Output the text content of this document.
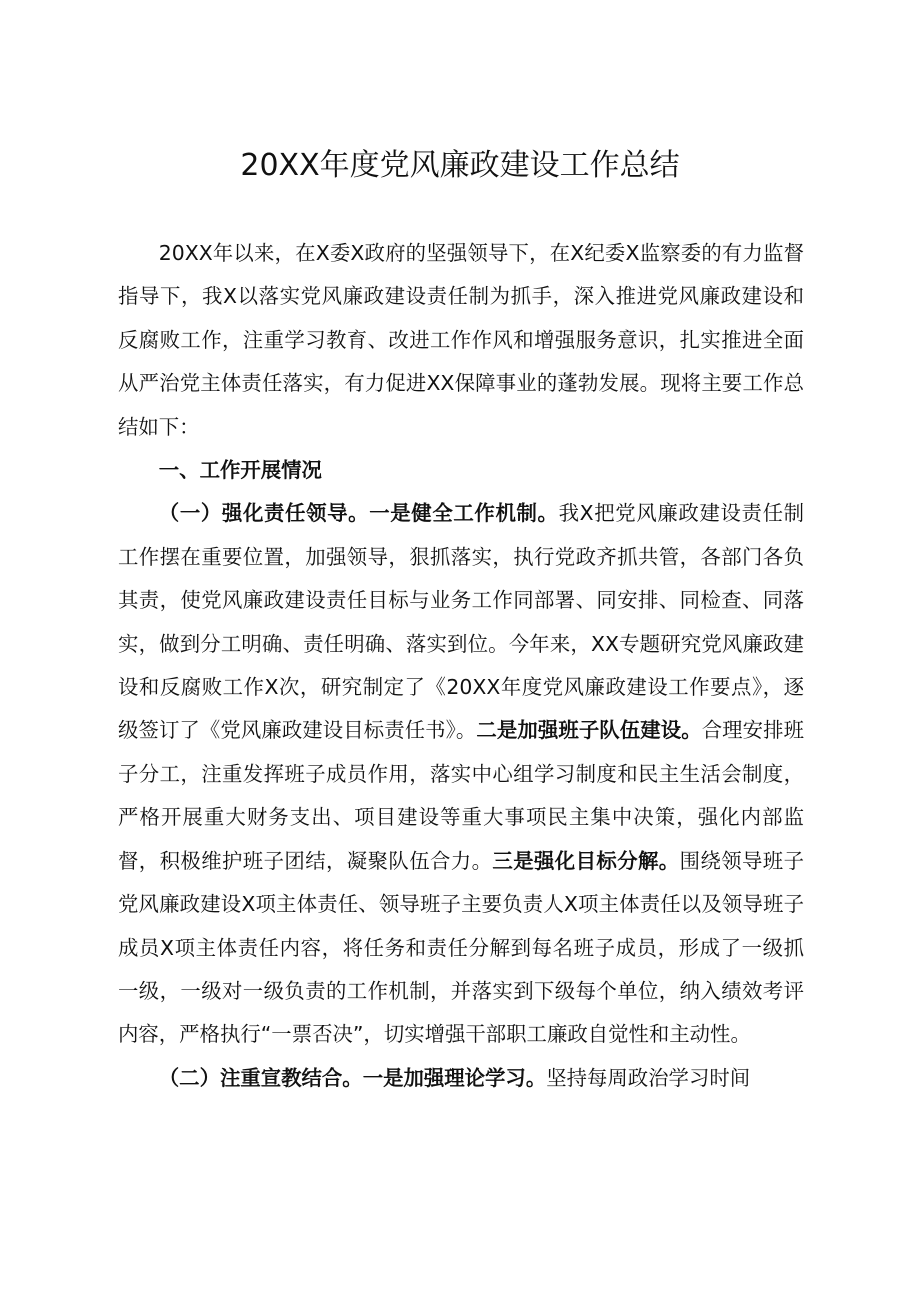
20XX年度党风廉政建设工作总结

20XX年以来，在X委X政府的坚强领导下，在X纪委X监察委的有力监督指导下，我X以落实党风廉政建设责任制为抓手，深入推进党风廉政建设和反腐败工作，注重学习教育、改进工作作风和增强服务意识，扎实推进全面从严治党主体责任落实，有力促进XX保障事业的蓬勃发展。现将主要工作总结如下：

一、工作开展情况

（一）强化责任领导。一是健全工作机制。我X把党风廉政建设责任制工作摆在重要位置，加强领导，狠抓落实，执行党政齐抓共管，各部门各负其责，使党风廉政建设责任目标与业务工作同部署、同安排、同检查、同落实，做到分工明确、责任明确、落实到位。今年来，XX专题研究党风廉政建设和反腐败工作X次，研究制定了《20XX年度党风廉政建设工作要点》，逐级签订了《党风廉政建设目标责任书》。二是加强班子队伍建设。合理安排班子分工，注重发挥班子成员作用，落实中心组学习制度和民主生活会制度，严格开展重大财务支出、项目建设等重大事项民主集中决策，强化内部监督，积极维护班子团结，凝聚队伍合力。三是强化目标分解。围绕领导班子党风廉政建设X项主体责任、领导班子主要负责人X项主体责任以及领导班子成员X项主体责任内容，将任务和责任分解到每名班子成员，形成了一级抓一级，一级对一级负责的工作机制，并落实到下级每个单位，纳入绩效考评内容，严格执行“一票否决”，切实增强干部职工廉政自觉性和主动性。

（二）注重宣教结合。一是加强理论学习。坚持每周政治学习时间
